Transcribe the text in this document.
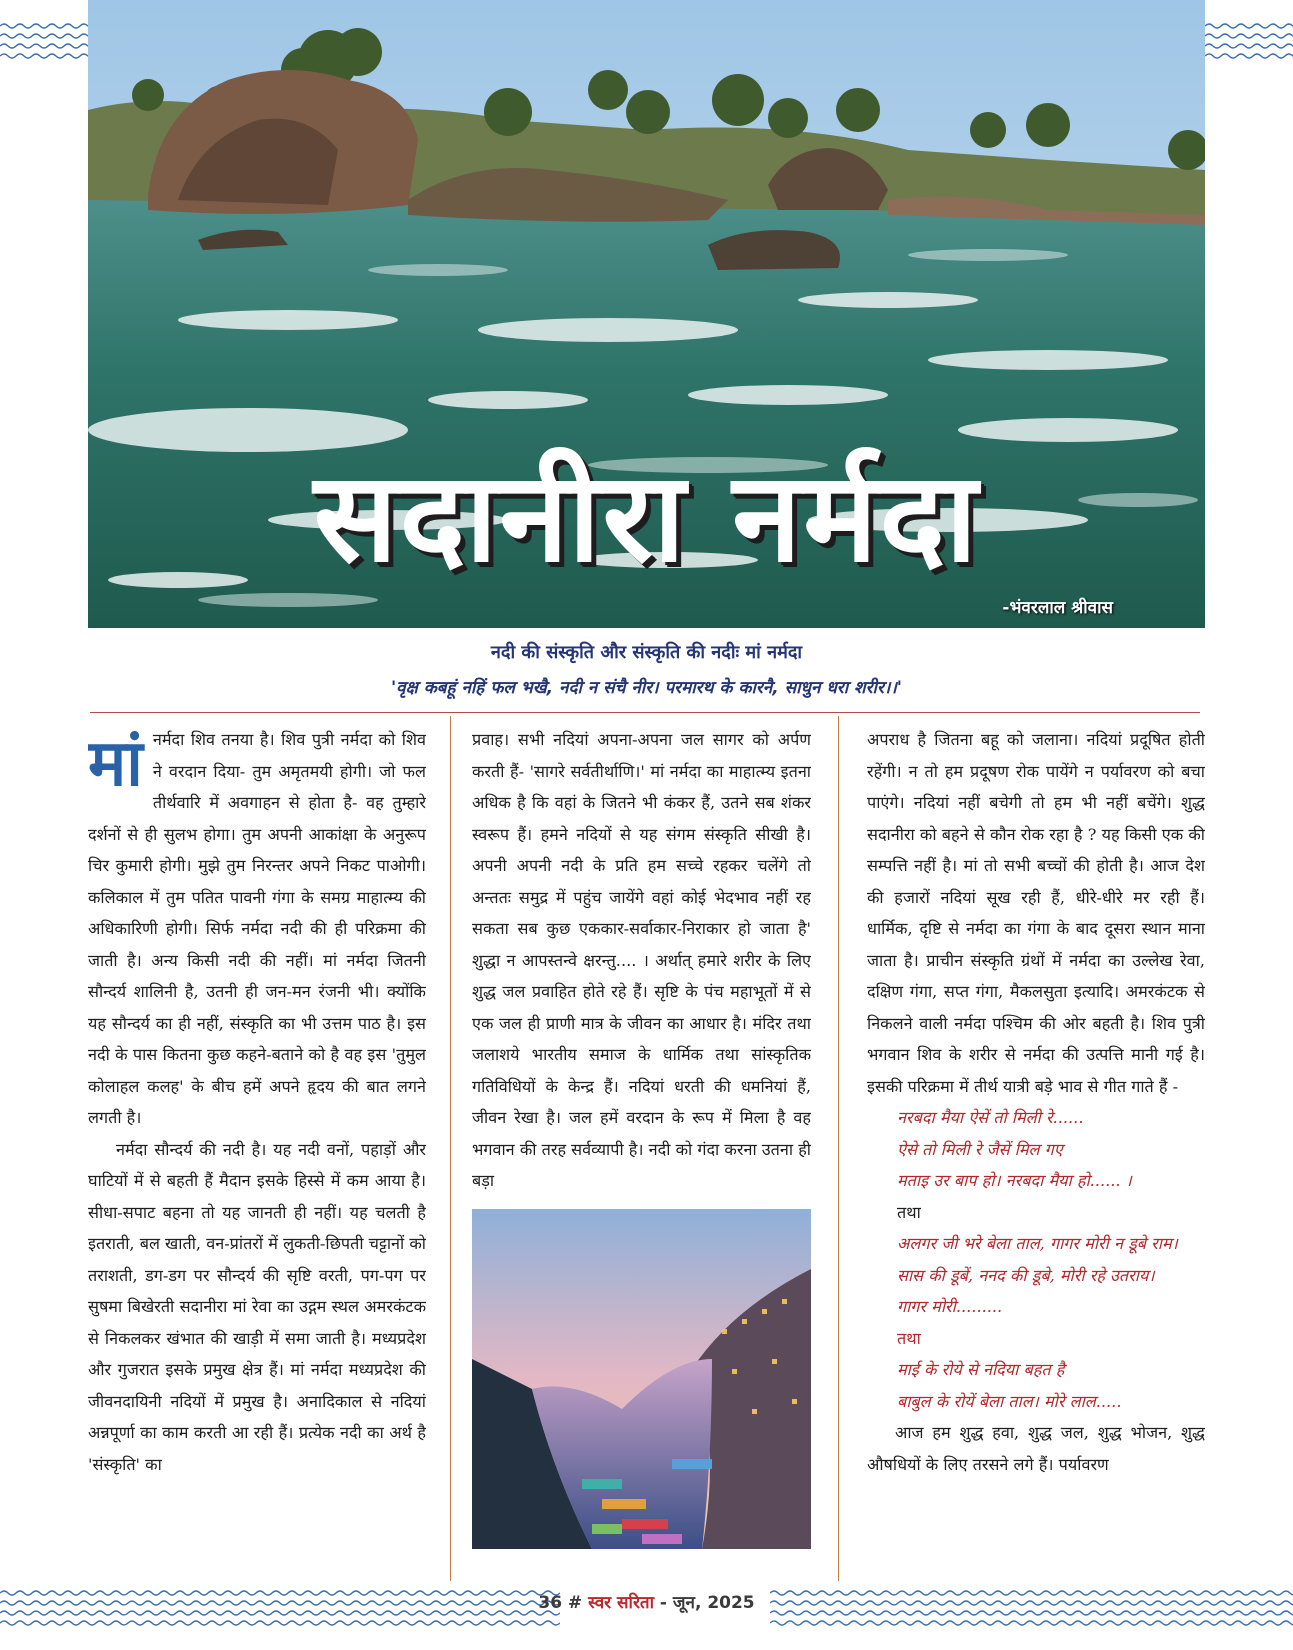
सदानीरा नर्मदा
-भंवरलाल श्रीवास
नदी की संस्कृति और संस्कृति की नदीः मां नर्मदा
'वृक्ष कबहूं नहिं फल भखै, नदी न संचै नीर। परमारथ के कारनै, साधुन धरा शरीर।।'
मां नर्मदा शिव तनया है। शिव पुत्री नर्मदा को शिव ने वरदान दिया- तुम अमृतमयी होगी। जो फल तीर्थवारि में अवगाहन से होता है- वह तुम्हारे दर्शनों से ही सुलभ होगा। तुम अपनी आकांक्षा के अनुरूप चिर कुमारी होगी। मुझे तुम निरन्तर अपने निकट पाओगी। कलिकाल में तुम पतित पावनी गंगा के समग्र माहात्म्य की अधिकारिणी होगी। सिर्फ नर्मदा नदी की ही परिक्रमा की जाती है। अन्य किसी नदी की नहीं। मां नर्मदा जितनी सौन्दर्य शालिनी है, उतनी ही जन-मन रंजनी भी। क्योंकि यह सौन्दर्य का ही नहीं, संस्कृति का भी उत्तम पाठ है। इस नदी के पास कितना कुछ कहने-बताने को है वह इस 'तुमुल कोलाहल कलह' के बीच हमें अपने हृदय की बात लगने लगती है।

नर्मदा सौन्दर्य की नदी है। यह नदी वनों, पहाड़ों और घाटियों में से बहती हैं मैदान इसके हिस्से में कम आया है। सीधा-सपाट बहना तो यह जानती ही नहीं। यह चलती है इतराती, बल खाती, वन-प्रांतरों में लुकती-छिपती चट्टानों को तराशती, डग-डग पर सौन्दर्य की सृष्टि वरती, पग-पग पर सुषमा बिखेरती सदानीरा मां रेवा का उद्गम स्थल अमरकंटक से निकलकर खंभात की खाड़ी में समा जाती है। मध्यप्रदेश और गुजरात इसके प्रमुख क्षेत्र हैं। मां नर्मदा मध्यप्रदेश की जीवनदायिनी नदियों में प्रमुख है। अनादिकाल से नदियां अन्नपूर्णा का काम करती आ रही हैं। प्रत्येक नदी का अर्थ है 'संस्कृति' का

प्रवाह। सभी नदियां अपना-अपना जल सागर को अर्पण करती हैं- 'सागरे सर्वतीर्थाणि।' मां नर्मदा का माहात्म्य इतना अधिक है कि वहां के जितने भी कंकर हैं, उतने सब शंकर स्वरूप हैं। हमने नदियों से यह संगम संस्कृति सीखी है। अपनी अपनी नदी के प्रति हम सच्चे रहकर चलेंगे तो अन्ततः समुद्र में पहुंच जायेंगे वहां कोई भेदभाव नहीं रह सकता सब कुछ एककार-सर्वाकार-निराकार हो जाता है' शुद्धा न आपस्तन्वे क्षरन्तु.... । अर्थात् हमारे शरीर के लिए शुद्ध जल प्रवाहित होते रहे हैं। सृष्टि के पंच महाभूतों में से एक जल ही प्राणी मात्र के जीवन का आधार है। मंदिर तथा जलाशये भारतीय समाज के धार्मिक तथा सांस्कृतिक गतिविधियों के केन्द्र हैं। नदियां धरती की धमनियां हैं, जीवन रेखा है। जल हमें वरदान के रूप में मिला है वह भगवान की तरह सर्वव्यापी है। नदी को गंदा करना उतना ही बड़ा

अपराध है जितना बहू को जलाना। नदियां प्रदूषित होती रहेंगी। न तो हम प्रदूषण रोक पायेंगे न पर्यावरण को बचा पाएंगे। नदियां नहीं बचेगी तो हम भी नहीं बचेंगे। शुद्ध सदानीरा को बहने से कौन रोक रहा है ? यह किसी एक की सम्पत्ति नहीं है। मां तो सभी बच्चों की होती है। आज देश की हजारों नदियां सूख रही हैं, धीरे-धीरे मर रही हैं। धार्मिक, दृष्टि से नर्मदा का गंगा के बाद दूसरा स्थान माना जाता है। प्राचीन संस्कृति ग्रंथों में नर्मदा का उल्लेख रेवा, दक्षिण गंगा, सप्त गंगा, मैकलसुता इत्यादि। अमरकंटक से निकलने वाली नर्मदा पश्चिम की ओर बहती है। शिव पुत्री भगवान शिव के शरीर से नर्मदा की उत्पत्ति मानी गई है। इसकी परिक्रमा में तीर्थ यात्री बड़े भाव से गीत गाते हैं -

नरबदा मैया ऐसें तो मिली रे......

ऐसे तो मिली रे जैसें मिल गए

मताइ उर बाप हो। नरबदा मैया हो...... ।

तथा

अलगर जी भरे बेला ताल, गागर मोरी न डूबे राम।

सास की डूबें, ननद की डूबे, मोरी रहे उतराय।

गागर मोरी.........

तथा

माई के रोये से नदिया बहत है

बाबुल के रोयें बेला ताल। मोरे लाल.....

आज हम शुद्ध हवा, शुद्ध जल, शुद्ध भोजन, शुद्ध औषधियों के लिए तरसने लगे हैं। पर्यावरण

36 # स्वर सरिता - जून, 2025
